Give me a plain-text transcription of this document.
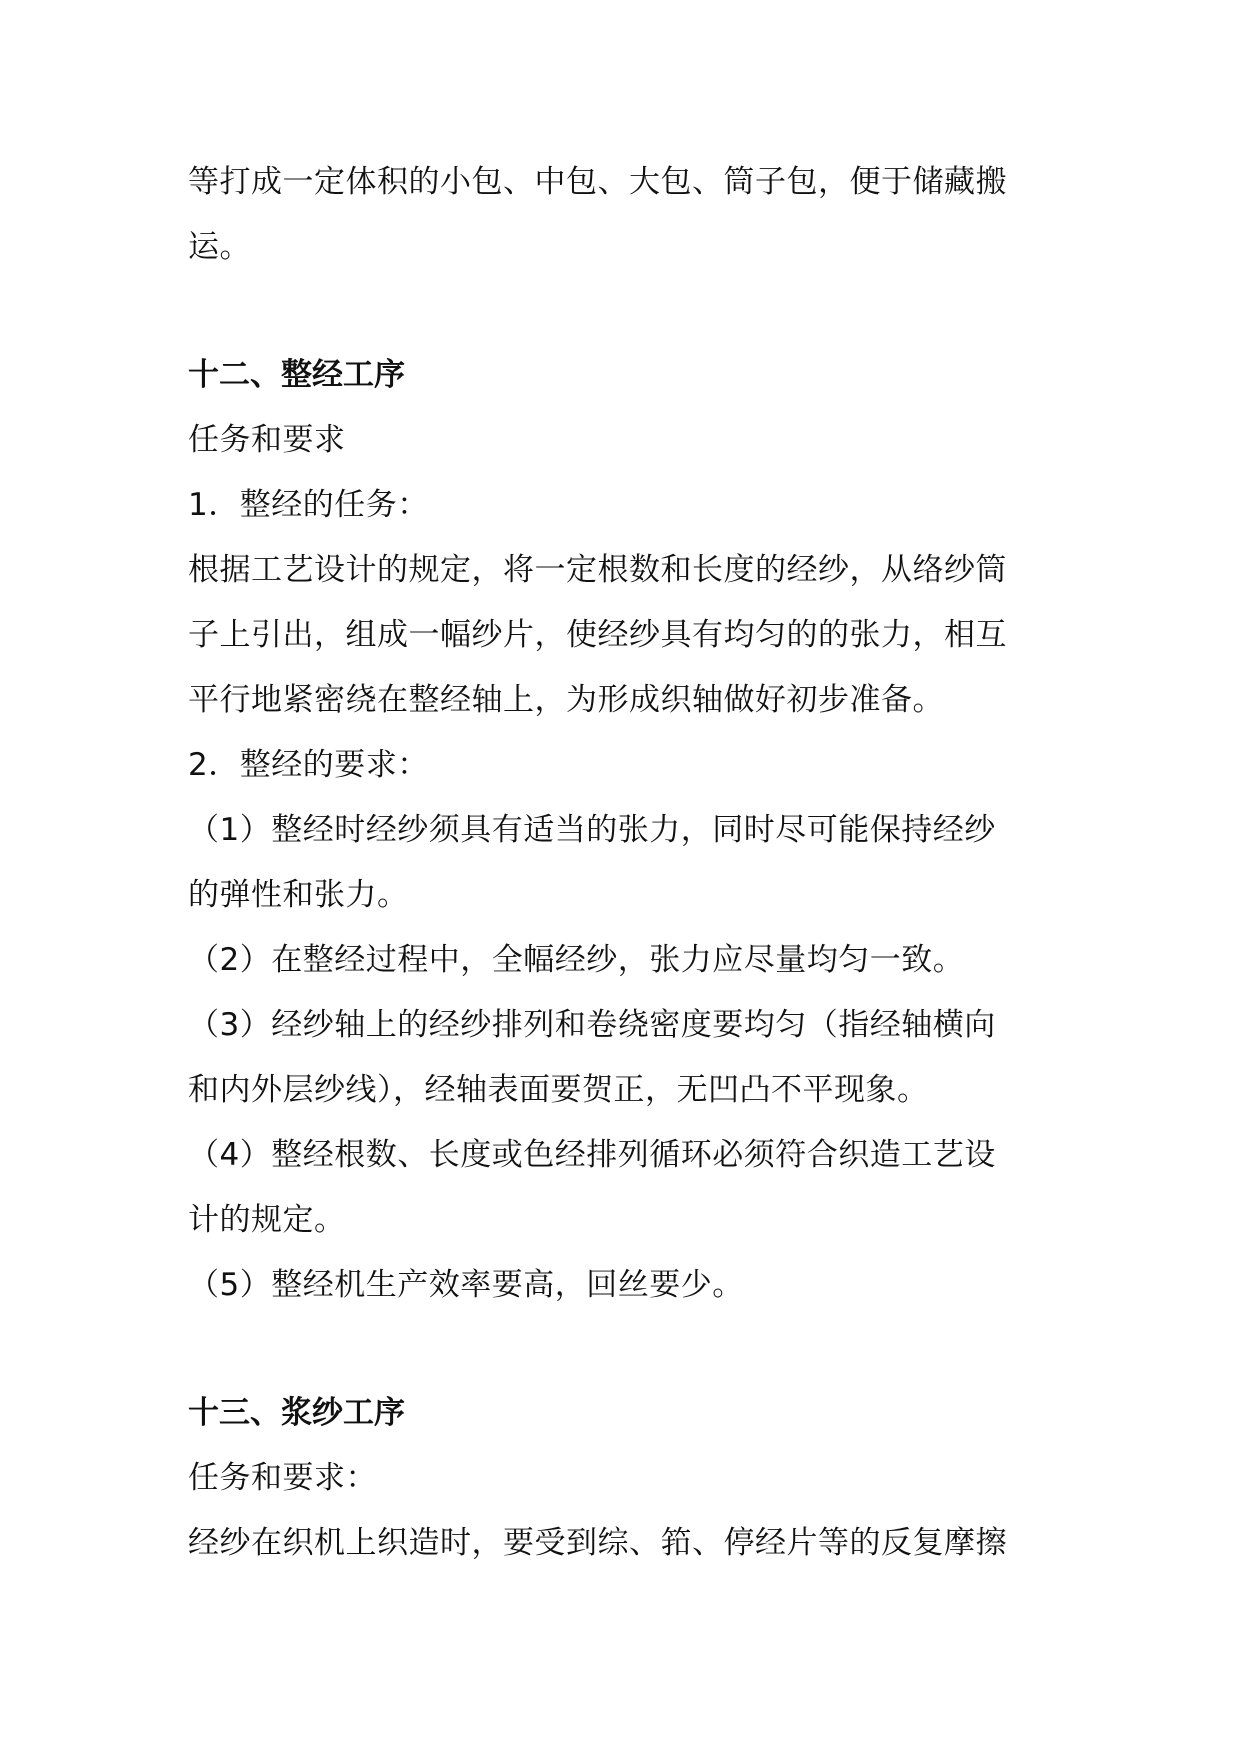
等打成一定体积的小包、中包、大包、筒子包，便于储藏搬
运。
十二、整经工序
任务和要求
1．整经的任务：
根据工艺设计的规定，将一定根数和长度的经纱，从络纱筒
子上引出，组成一幅纱片，使经纱具有均匀的的张力，相互
平行地紧密绕在整经轴上，为形成织轴做好初步准备。
2．整经的要求：
（1）整经时经纱须具有适当的张力，同时尽可能保持经纱
的弹性和张力。
（2）在整经过程中，全幅经纱，张力应尽量均匀一致。
（3）经纱轴上的经纱排列和卷绕密度要均匀（指经轴横向
和内外层纱线），经轴表面要贺正，无凹凸不平现象。
（4）整经根数、长度或色经排列循环必须符合织造工艺设
计的规定。
（5）整经机生产效率要高，回丝要少。
十三、浆纱工序
任务和要求：
经纱在织机上织造时，要受到综、筘、停经片等的反复摩擦
